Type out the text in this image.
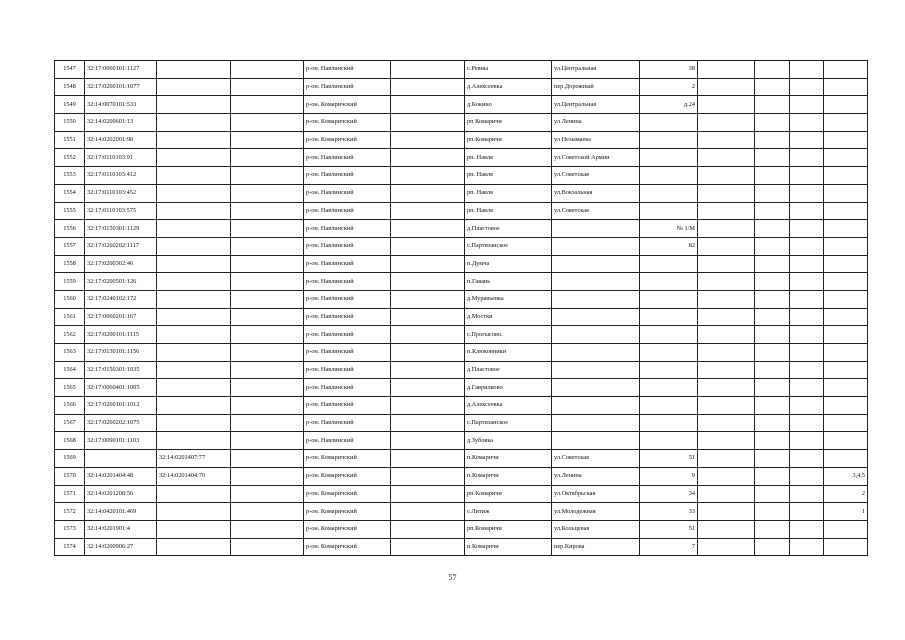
1547	32:17:0060101:1127			р-он. Навлинский		с.Ревны	ул.Центральная	38				
1548	32:17:0260101:1077			р-он. Навлинский		д.Алексеевка	пер.Дорожный	2				
1549	32:14:0070101:533			р-он. Комаричский		д.Кокино	ул.Центральная	д.24				
1550	32:14:0200601:13			р-он. Комаричский		рп Комаричи	ул Ленина					
1551	32:14:0202001:98			р-он. Комаричский		рп.Комаричи	ул Незымаева					
1552	32:17:0110103:91			р-он. Навлинский		рп. Навля	ул.Советской Армии					
1553	32:17:0110103:412			р-он. Навлинский		рп. Навля	ул.Советская					
1554	32:17:0110103:452			р-он. Навлинский		рп. Навля	ул.Вокзальная					
1555	32:17:0110103:575			р-он. Навлинский		рп. Навля	ул.Советская					
1556	32:17:0150301:1129			р-он. Навлинский		д.Пластовое		№ 1/М				
1557	32:17:0260202:1117			р-он. Навлинский		с.Партизанское		82				
1558	32:17:0200302:46			р-он. Навлинский		п.Думча						
1559	32:17:0200501:126			р-он. Навлинский		п.Гавань						
1560	32:17:0240102:172			р-он. Навлинский		д.Муравьевка						
1561	32:17:0060201:167			р-он. Навлинский		д.Мостки						
1562	32:17:0200101:1115			р-он. Навлинский		с.Прогысово.						
1563	32:17:0130101:1156			р-он. Навлинский		п.Клюковники						
1564	32:17:0150301:1035			р-он. Навлинский		д.Пластовое						
1565	32:17:0060401:1005			р-он. Навлинский		д.Гаврилково						
1566	32:17:0260101:1012			р-он. Навлинский		д.Алексеевка						
1567	32:17:0260202:1075			р-он. Навлинский		с.Партизанское						
1568	32:17:0090101:1103			р-он. Навлинский		д.Зубовка						
1569		32:14:0201407:77		р-он. Комаричский		п.Комаричи	ул.Советская	51				
1570	32:14:0201404:48	32:14:0201404:70		р-он. Комаричский		п.Комаричи	ул.Ленина	9				3,4,5
1571	32:14:0201208:56			р-он. Комаричский		рп.Комаричи	ул.Октябрьская	34				2
1572	32:14:0420101:469			р-он. Комаричский		с.Литиж	ул.Молодежная	33				1
1573	32:14:0201901:4			р-он. Комаричский		рп.Комаричи	ул.Кольцевая	51				
1574	32:14:0200906:27			р-он. Комаричский		п.Комаричи	пер.Кирова	7				
57
